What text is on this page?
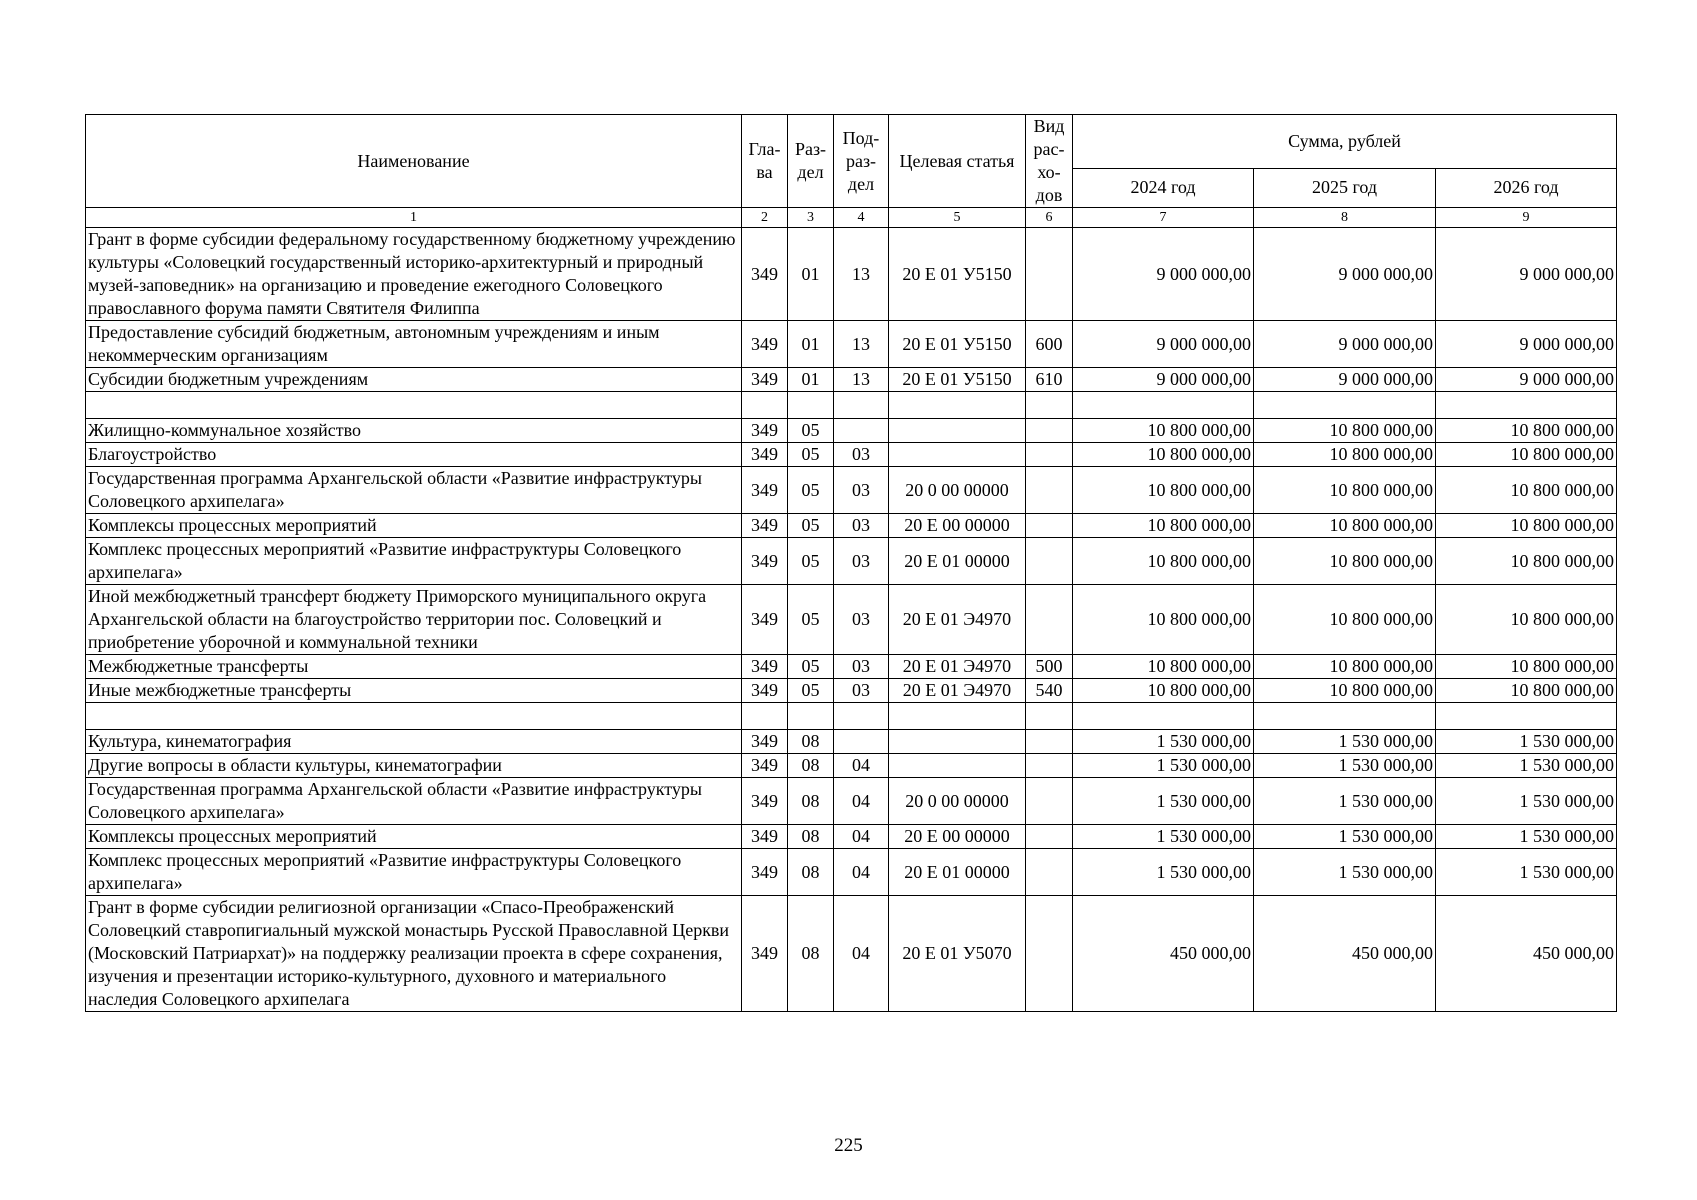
Наименование	Гла-ва	Раз-дел	Под-раз-дел	Целевая статья	Вид рас-хо-дов	Сумма, рублей		
						2024 год	2025 год	2026 год
1	2	3	4	5	6	7	8	9
Грант в форме субсидии федеральному государственному бюджетному учреждению культуры «Соловецкий государственный историко-архитектурный и природный музей-заповедник» на организацию и проведение ежегодного Соловецкого православного форума памяти Святителя Филиппа	349	01	13	20 Е 01 У5150		9 000 000,00	9 000 000,00	9 000 000,00
Предоставление субсидий бюджетным, автономным учреждениям и иным некоммерческим организациям	349	01	13	20 Е 01 У5150	600	9 000 000,00	9 000 000,00	9 000 000,00
Субсидии бюджетным учреждениям	349	01	13	20 Е 01 У5150	610	9 000 000,00	9 000 000,00	9 000 000,00

Жилищно-коммунальное хозяйство	349	05				10 800 000,00	10 800 000,00	10 800 000,00
Благоустройство	349	05	03			10 800 000,00	10 800 000,00	10 800 000,00
Государственная программа Архангельской области «Развитие инфраструктуры Соловецкого архипелага»	349	05	03	20 0 00 00000		10 800 000,00	10 800 000,00	10 800 000,00
Комплексы процессных мероприятий	349	05	03	20 Е 00 00000		10 800 000,00	10 800 000,00	10 800 000,00
Комплекс процессных мероприятий «Развитие инфраструктуры Соловецкого архипелага»	349	05	03	20 Е 01 00000		10 800 000,00	10 800 000,00	10 800 000,00
Иной межбюджетный трансферт бюджету Приморского муниципального округа Архангельской области на благоустройство территории пос. Соловецкий и приобретение уборочной и коммунальной техники	349	05	03	20 Е 01 Э4970		10 800 000,00	10 800 000,00	10 800 000,00
Межбюджетные трансферты	349	05	03	20 Е 01 Э4970	500	10 800 000,00	10 800 000,00	10 800 000,00
Иные межбюджетные трансферты	349	05	03	20 Е 01 Э4970	540	10 800 000,00	10 800 000,00	10 800 000,00

Культура, кинематография	349	08				1 530 000,00	1 530 000,00	1 530 000,00
Другие вопросы в области культуры, кинематографии	349	08	04			1 530 000,00	1 530 000,00	1 530 000,00
Государственная программа Архангельской области «Развитие инфраструктуры Соловецкого архипелага»	349	08	04	20 0 00 00000		1 530 000,00	1 530 000,00	1 530 000,00
Комплексы процессных мероприятий	349	08	04	20 Е 00 00000		1 530 000,00	1 530 000,00	1 530 000,00
Комплекс процессных мероприятий «Развитие инфраструктуры Соловецкого архипелага»	349	08	04	20 Е 01 00000		1 530 000,00	1 530 000,00	1 530 000,00
Грант в форме субсидии религиозной организации «Спасо-Преображенский Соловецкий ставропигиальный мужской монастырь Русской Православной Церкви (Московский Патриархат)» на поддержку реализации проекта в сфере сохранения, изучения и презентации историко-культурного, духовного и материального наследия Соловецкого архипелага	349	08	04	20 Е 01 У5070		450 000,00	450 000,00	450 000,00
225
